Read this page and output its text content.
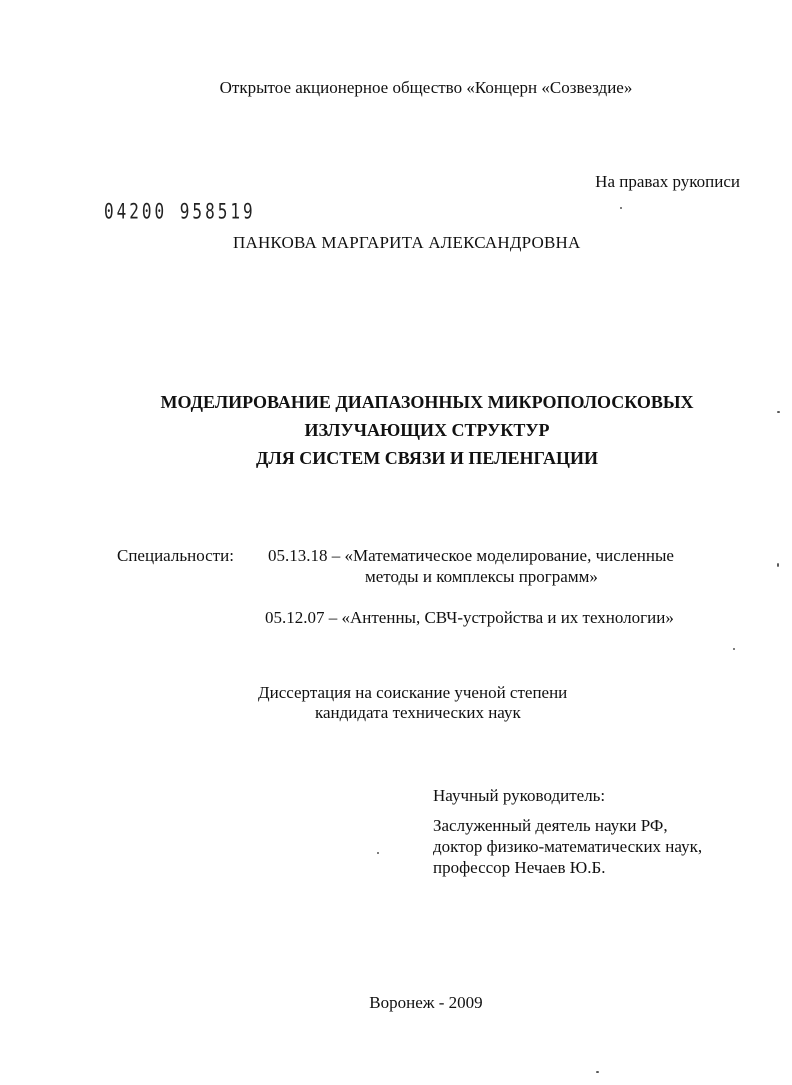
Открытое акционерное общество «Концерн «Созвездие»
На правах рукописи
04200 958519
ПАНКОВА МАРГАРИТА АЛЕКСАНДРОВНА
МОДЕЛИРОВАНИЕ ДИАПАЗОННЫХ МИКРОПОЛОСКОВЫХ
ИЗЛУЧАЮЩИХ СТРУКТУР
ДЛЯ СИСТЕМ СВЯЗИ И ПЕЛЕНГАЦИИ
Специальности: 05.13.18 – «Математическое моделирование, численные
методы и комплексы программ»
05.12.07 – «Антенны, СВЧ-устройства и их технологии»
Диссертация на соискание ученой степени
кандидата технических наук
Научный руководитель:
Заслуженный деятель науки РФ,
доктор физико-математических наук,
профессор Нечаев Ю.Б.
Воронеж - 2009
